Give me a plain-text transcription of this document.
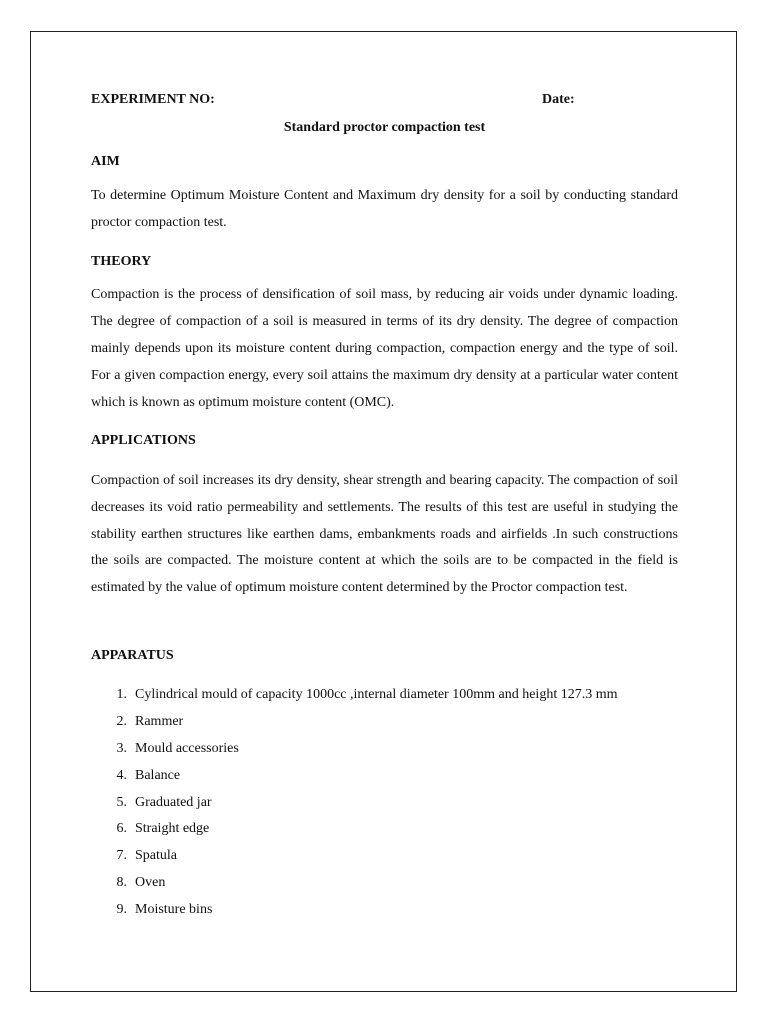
EXPERIMENT NO:	Date:
Standard proctor compaction test
AIM
To determine Optimum Moisture Content and Maximum dry density for a soil by conducting standard proctor compaction test.
THEORY
Compaction is the process of densification of soil mass, by reducing air voids under dynamic loading. The degree of compaction of a soil is measured in terms of its dry density. The degree of compaction mainly depends upon its moisture content during compaction, compaction energy and the type of soil. For a given compaction energy, every soil attains the maximum dry density at a particular water content which is known as optimum moisture content (OMC).
APPLICATIONS
Compaction of soil increases its dry density, shear strength and bearing capacity. The compaction of soil decreases its void ratio permeability and settlements. The results of this test are useful in studying the stability earthen structures like earthen dams, embankments roads and airfields .In such constructions the soils are compacted. The moisture content at which the soils are to be compacted in the field is estimated by the value of optimum moisture content determined by the Proctor compaction test.
APPARATUS
1. Cylindrical mould of capacity 1000cc ,internal diameter 100mm and height 127.3 mm
2. Rammer
3. Mould accessories
4. Balance
5. Graduated jar
6. Straight edge
7. Spatula
8. Oven
9. Moisture bins
